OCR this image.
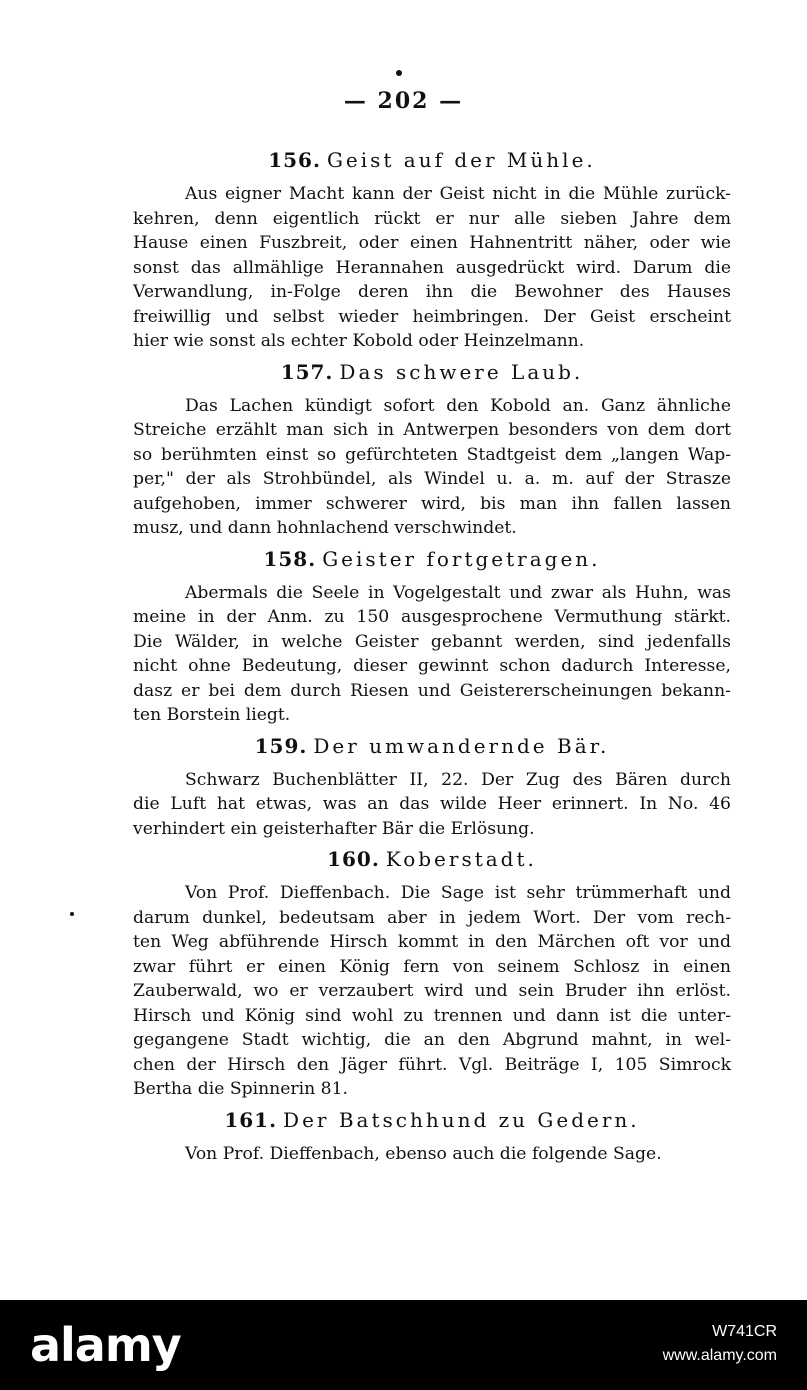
— 202 —
156. Geist auf der Mühle.

Aus eigner Macht kann der Geist nicht in die Mühle zurück-
kehren, denn eigentlich rückt er nur alle sieben Jahre dem
Hause einen Fuszbreit, oder einen Hahnentritt näher, oder wie
sonst das allmählige Herannahen ausgedrückt wird. Darum die
Verwandlung, in-Folge deren ihn die Bewohner des Hauses
freiwillig und selbst wieder heimbringen. Der Geist erscheint
hier wie sonst als echter Kobold oder Heinzelmann.

157. Das schwere Laub.

Das Lachen kündigt sofort den Kobold an. Ganz ähnliche
Streiche erzählt man sich in Antwerpen besonders von dem dort
so berühmten einst so gefürchteten Stadtgeist dem „langen Wap-
per," der als Strohbündel, als Windel u. a. m. auf der Strasze
aufgehoben, immer schwerer wird, bis man ihn fallen lassen
musz, und dann hohnlachend verschwindet.

158. Geister fortgetragen.

Abermals die Seele in Vogelgestalt und zwar als Huhn, was
meine in der Anm. zu 150 ausgesprochene Vermuthung stärkt.
Die Wälder, in welche Geister gebannt werden, sind jedenfalls
nicht ohne Bedeutung, dieser gewinnt schon dadurch Interesse,
dasz er bei dem durch Riesen und Geistererscheinungen bekann-
ten Borstein liegt.

159. Der umwandernde Bär.

Schwarz Buchenblätter II, 22. Der Zug des Bären durch
die Luft hat etwas, was an das wilde Heer erinnert. In No. 46
verhindert ein geisterhafter Bär die Erlösung.

160. Koberstadt.

Von Prof. Dieffenbach. Die Sage ist sehr trümmerhaft und
darum dunkel, bedeutsam aber in jedem Wort. Der vom rech-
ten Weg abführende Hirsch kommt in den Märchen oft vor und
zwar führt er einen König fern von seinem Schlosz in einen
Zauberwald, wo er verzaubert wird und sein Bruder ihn erlöst.
Hirsch und König sind wohl zu trennen und dann ist die unter-
gegangene Stadt wichtig, die an den Abgrund mahnt, in wel-
chen der Hirsch den Jäger führt. Vgl. Beiträge I, 105 Simrock
Bertha die Spinnerin 81.

161. Der Batschhund zu Gedern.

Von Prof. Dieffenbach, ebenso auch die folgende Sage.

alamy	W741CR
www.alamy.com
